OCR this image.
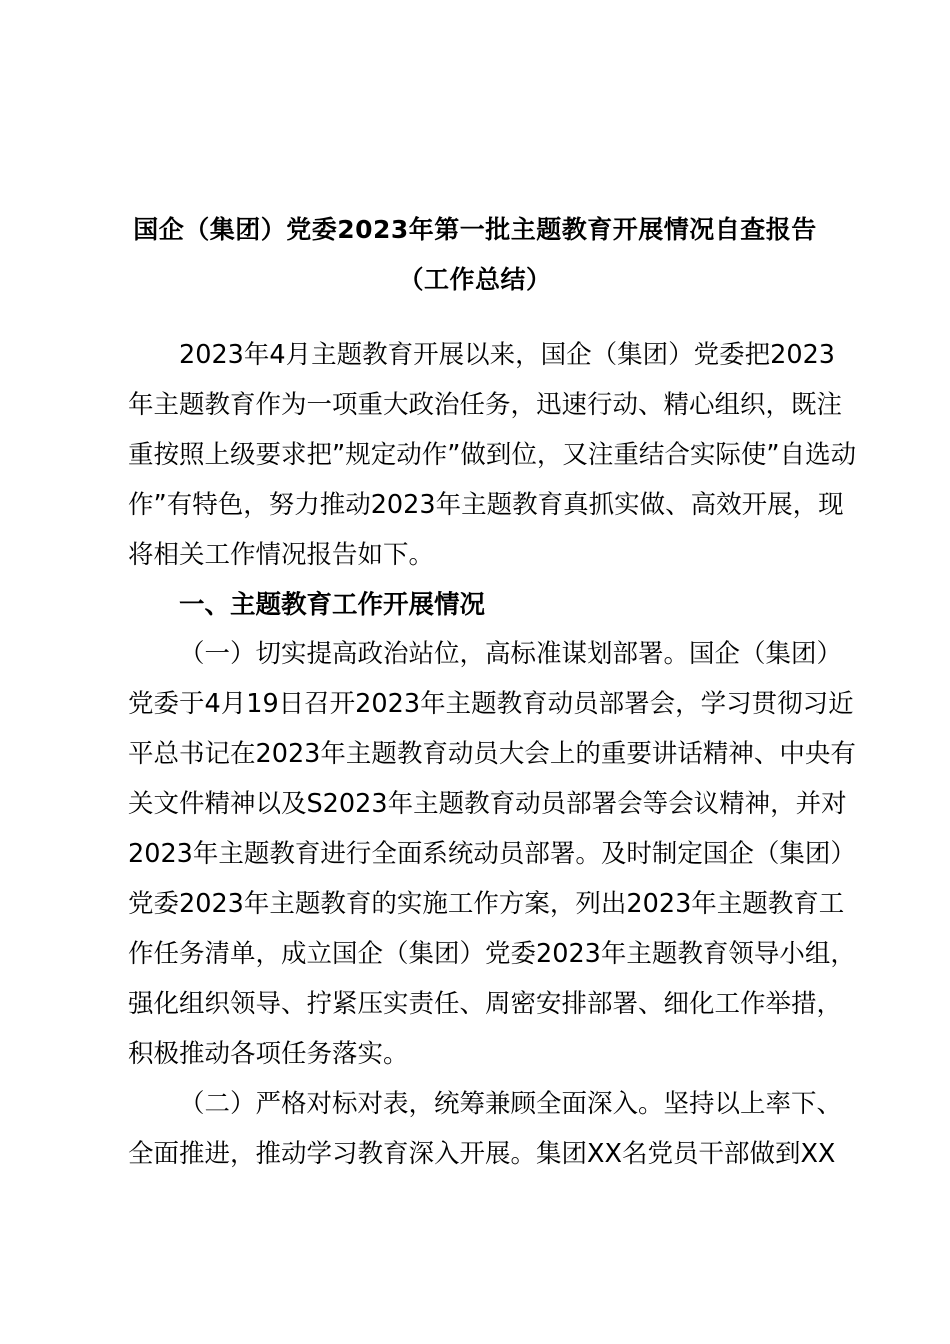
国企（集团）党委2023年第一批主题教育开展情况自查报告
（工作总结）
2023年4月主题教育开展以来，国企（集团）党委把2023
年主题教育作为一项重大政治任务，迅速行动、精心组织，既注
重按照上级要求把”规定动作”做到位，又注重结合实际使”自选动
作”有特色，努力推动2023年主题教育真抓实做、高效开展，现
将相关工作情况报告如下。
一、主题教育工作开展情况
（一）切实提高政治站位，高标准谋划部署。国企（集团）
党委于4月19日召开2023年主题教育动员部署会，学习贯彻习近
平总书记在2023年主题教育动员大会上的重要讲话精神、中央有
关文件精神以及S2023年主题教育动员部署会等会议精神，并对
2023年主题教育进行全面系统动员部署。及时制定国企（集团）
党委2023年主题教育的实施工作方案，列出2023年主题教育工
作任务清单，成立国企（集团）党委2023年主题教育领导小组，
强化组织领导、拧紧压实责任、周密安排部署、细化工作举措，
积极推动各项任务落实。
（二）严格对标对表，统筹兼顾全面深入。坚持以上率下、
全面推进，推动学习教育深入开展。集团XX名党员干部做到XX
